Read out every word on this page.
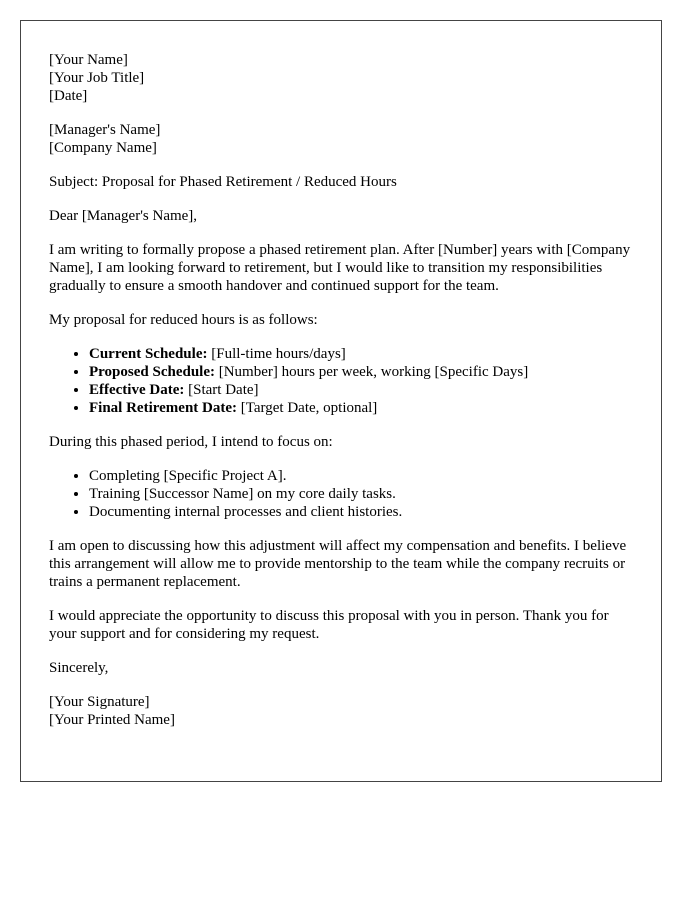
[Your Name]

[Your Job Title]

[Date]

[Manager's Name]

[Company Name]

Subject: Proposal for Phased Retirement / Reduced Hours

Dear [Manager's Name],

I am writing to formally propose a phased retirement plan. After [Number] years with [Company Name], I am looking forward to retirement, but I would like to transition my responsibilities gradually to ensure a smooth handover and continued support for the team.

My proposal for reduced hours is as follows:

• Current Schedule: [Full-time hours/days]
• Proposed Schedule: [Number] hours per week, working [Specific Days]
• Effective Date: [Start Date]
• Final Retirement Date: [Target Date, optional]

During this phased period, I intend to focus on:

• Completing [Specific Project A].
• Training [Successor Name] on my core daily tasks.
• Documenting internal processes and client histories.

I am open to discussing how this adjustment will affect my compensation and benefits. I believe this arrangement will allow me to provide mentorship to the team while the company recruits or trains a permanent replacement.

I would appreciate the opportunity to discuss this proposal with you in person. Thank you for your support and for considering my request.

Sincerely,

[Your Signature]

[Your Printed Name]
